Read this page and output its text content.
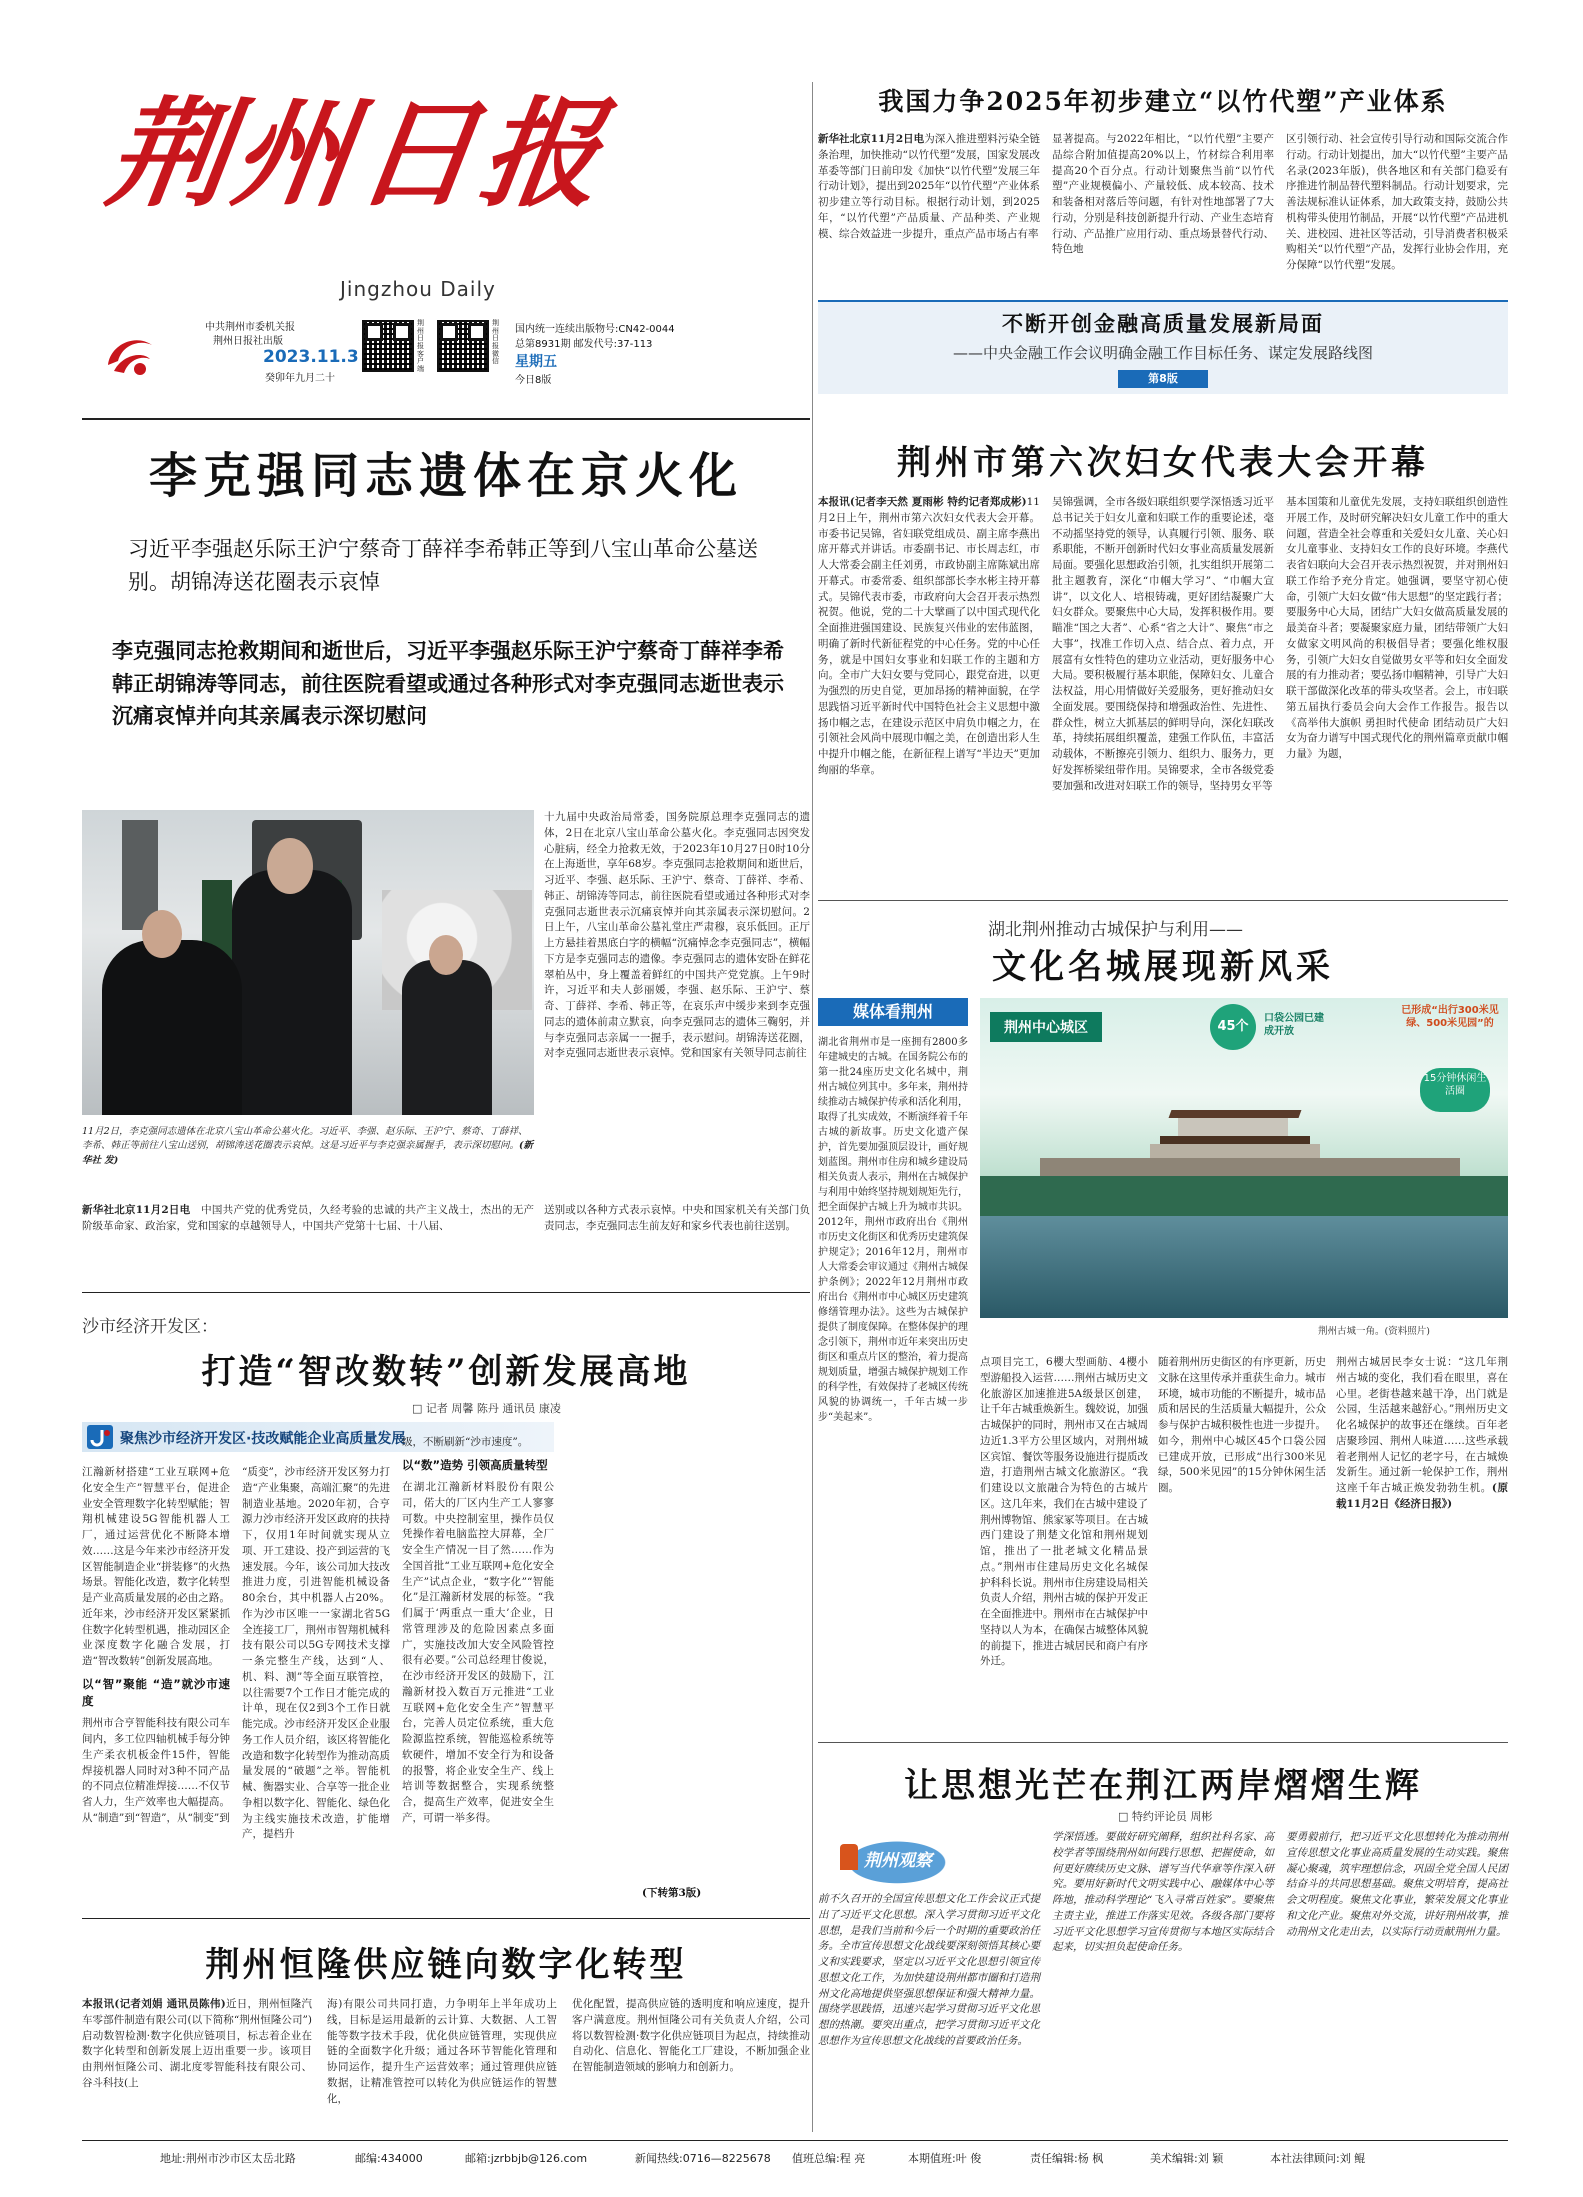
荆州日报
Jingzhou Daily
中共荆州市委机关报
荆州日报社出版
2023.11.3
癸卯年九月二十
荆州日报客户端
荆州日报微信
国内统一连续出版物号:CN42-0044
总第8931期 邮发代号:37-113
星期五
今日8版
我国力争2025年初步建立“以竹代塑”产业体系
新华社北京11月2日电为深入推进塑料污染全链条治理，加快推动“以竹代塑”发展，国家发展改革委等部门日前印发《加快“以竹代塑”发展三年行动计划》，提出到2025年“以竹代塑”产业体系初步建立等行动目标。根据行动计划，到2025年，“以竹代塑”产品质量、产品种类、产业规模、综合效益进一步提升，重点产品市场占有率
显著提高。与2022年相比，“以竹代塑”主要产品综合附加值提高20%以上，竹材综合利用率提高20个百分点。行动计划聚焦当前“以竹代塑”产业规模偏小、产量较低、成本较高、技术和装备相对落后等问题，有针对性地部署了7大行动，分别是科技创新提升行动、产业生态培育行动、产品推广应用行动、重点场景替代行动、特色地
区引领行动、社会宣传引导行动和国际交流合作行动。行动计划提出，加大“以竹代塑”主要产品名录(2023年版)，供各地区和有关部门稳妥有序推进竹制品替代塑料制品。行动计划要求，完善法规标准认证体系，加大政策支持，鼓励公共机构带头使用竹制品，开展“以竹代塑”产品进机关、进校园、进社区等活动，引导消费者积极采购相关“以竹代塑”产品，发挥行业协会作用，充分保障“以竹代塑”发展。
不断开创金融高质量发展新局面
——中央金融工作会议明确金融工作目标任务、谋定发展路线图
第8版
李克强同志遗体在京火化
习近平李强赵乐际王沪宁蔡奇丁薛祥李希韩正等到八宝山革命公墓送别。胡锦涛送花圈表示哀悼
李克强同志抢救期间和逝世后，习近平李强赵乐际王沪宁蔡奇丁薛祥李希韩正胡锦涛等同志，前往医院看望或通过各种形式对李克强同志逝世表示沉痛哀悼并向其亲属表示深切慰问
11月2日，李克强同志遗体在北京八宝山革命公墓火化。习近平、李强、赵乐际、王沪宁、蔡奇、丁薛祥、李希、韩正等前往八宝山送别，胡锦涛送花圈表示哀悼。这是习近平与李克强亲属握手，表示深切慰问。(新华社 发)
十九届中央政治局常委，国务院原总理李克强同志的遗体，2日在北京八宝山革命公墓火化。李克强同志因突发心脏病，经全力抢救无效，于2023年10月27日0时10分在上海逝世，享年68岁。李克强同志抢救期间和逝世后，习近平、李强、赵乐际、王沪宁、蔡奇、丁薛祥、李希、韩正、胡锦涛等同志，前往医院看望或通过各种形式对李克强同志逝世表示沉痛哀悼并向其亲属表示深切慰问。2日上午，八宝山革命公墓礼堂庄严肃穆，哀乐低回。正厅上方悬挂着黑底白字的横幅“沉痛悼念李克强同志”，横幅下方是李克强同志的遗像。李克强同志的遗体安卧在鲜花翠柏丛中，身上覆盖着鲜红的中国共产党党旗。上午9时许，习近平和夫人彭丽媛，李强、赵乐际、王沪宁、蔡奇、丁薛祥、李希、韩正等，在哀乐声中缓步来到李克强同志的遗体前肃立默哀，向李克强同志的遗体三鞠躬，并与李克强同志亲属一一握手，表示慰问。胡锦涛送花圈，对李克强同志逝世表示哀悼。党和国家有关领导同志前往
新华社北京11月2日电　 中国共产党的优秀党员，久经考验的忠诚的共产主义战士，杰出的无产阶级革命家、政治家，党和国家的卓越领导人，中国共产党第十七届、十八届、
送别或以各种方式表示哀悼。中央和国家机关有关部门负责同志，李克强同志生前友好和家乡代表也前往送别。
荆州市第六次妇女代表大会开幕
本报讯(记者李天然 夏雨彬 特约记者郑成彬)11月2日上午，荆州市第六次妇女代表大会开幕。市委书记吴锦，省妇联党组成员、副主席李燕出席开幕式并讲话。市委副书记、市长周志红，市人大常委会副主任刘勇，市政协副主席陈斌出席开幕式。市委常委、组织部部长李水彬主持开幕式。吴锦代表市委，市政府向大会召开表示热烈祝贺。他说，党的二十大擘画了以中国式现代化全面推进强国建设、民族复兴伟业的宏伟蓝图，明确了新时代新征程党的中心任务。党的中心任务，就是中国妇女事业和妇联工作的主题和方向。全市广大妇女要与党同心，跟党奋进，以更为强烈的历史自觉，更加昂扬的精神面貌，在学思践悟习近平新时代中国特色社会主义思想中激扬巾帼之志，在建设示范区中肩负巾帼之力，在引领社会风尚中展现巾帼之美，在创造出彩人生中提升巾帼之能，在新征程上谱写“半边天”更加绚丽的华章。
吴锦强调，全市各级妇联组织要学深悟透习近平总书记关于妇女儿童和妇联工作的重要论述，毫不动摇坚持党的领导，认真履行引领、服务、联系职能，不断开创新时代妇女事业高质量发展新局面。要强化思想政治引领，扎实组织开展第二批主题教育，深化“巾帼大学习”、“巾帼大宣讲”，以文化人、培根铸魂，更好团结凝聚广大妇女群众。要聚焦中心大局，发挥积极作用。要瞄准“国之大者”、心系“省之大计”、聚焦“市之大事”，找准工作切入点、结合点、着力点，开展富有女性特色的建功立业活动，更好服务中心大局。要积极履行基本职能，保障妇女、儿童合法权益，用心用情做好关爱服务，更好推动妇女全面发展。要围绕保持和增强政治性、先进性、群众性，树立大抓基层的鲜明导向，深化妇联改革，持续拓展组织覆盖，建强工作队伍，丰富活动载体，不断擦亮引领力、组织力、服务力，更好发挥桥梁纽带作用。吴锦要求，全市各级党委要加强和改进对妇联工作的领导，坚持男女平等
基本国策和儿童优先发展，支持妇联组织创造性开展工作，及时研究解决妇女儿童工作中的重大问题，营造全社会尊重和关爱妇女儿童、关心妇女儿童事业、支持妇女工作的良好环境。李燕代表省妇联向大会召开表示热烈祝贺，并对荆州妇联工作给予充分肯定。她强调，要坚守初心使命，引领广大妇女做“伟大思想”的坚定践行者；要服务中心大局，团结广大妇女做高质量发展的最美奋斗者；要凝聚家庭力量，团结带领广大妇女做家文明风尚的积极倡导者；要强化维权服务，引领广大妇女自觉做男女平等和妇女全面发展的有力推动者；要弘扬巾帼精神，引导广大妇联干部做深化改革的带头攻坚者。会上，市妇联第五届执行委员会向大会作工作报告。报告以《高举伟大旗帜 勇担时代使命 团结动员广大妇女为奋力谱写中国式现代化的荆州篇章贡献巾帼力量》为题，
湖北荆州推动古城保护与利用——
文化名城展现新风采
媒体看荆州
湖北省荆州市是一座拥有2800多年建城史的古城。在国务院公布的第一批24座历史文化名城中，荆州古城位列其中。多年来，荆州持续推动古城保护传承和活化利用，取得了扎实成效，不断演绎着千年古城的新故事。历史文化遗产保护，首先要加强顶层设计，画好规划蓝图。荆州市住房和城乡建设局相关负责人表示，荆州在古城保护与利用中始终坚持规划规矩先行，把全面保护古城上升为城市共识。2012年，荆州市政府出台《荆州市历史文化街区和优秀历史建筑保护规定》；2016年12月，荆州市人大常委会审议通过《荆州古城保护条例》；2022年12月荆州市政府出台《荆州市中心城区历史建筑修缮管理办法》。这些为古城保护提供了制度保障。在整体保护的理念引领下，荆州市近年来突出历史街区和重点片区的整治，着力提高规划质量，增强古城保护规划工作的科学性，有效保持了老城区传统风貌的协调统一，千年古城一步步“美起来”。
荆州中心城区	45个
口袋公园已建成开放
已形成“出行300米见绿、500米见园”的
15分钟休闲生活圈
荆州古城一角。(资料照片)
点项目完工，6櫻大型画舫、4櫻小型游船投入运营……荆州古城历史文化旅游区加速推进5A级景区创建，让千年古城重焕新生。魏姣说，加强古城保护的同时，荆州市又在古城周边近1.3平方公里区域内，对荆州城区宾馆、餐饮等服务设施进行提质改造，打造荆州古城文化旅游区。“我们建设以文旅融合为特色的古城片区。这几年来，我们在古城中建设了荆州博物馆、熊家冢等项目。在古城西门建设了荆楚文化馆和荆州规划馆，推出了一批老城文化精品景点。”荆州市住建局历史文化名城保护科科长说。荆州市住房建设局相关负责人介绍，荆州古城的保护开发正在全面推进中。荆州市在古城保护中坚持以人为本，在确保古城整体风貌的前提下，推进古城居民和商户有序外迁。
随着荆州历史街区的有序更新，历史文脉在这里传承并重获生命力。城市环境，城市功能的不断提升，城市品质和居民的生活质量大幅提升，公众参与保护古城积极性也进一步提升。如今，荆州中心城区45个口袋公园已建成开放，已形成“出行300米见绿，500米见园”的15分钟休闲生活圈。
荆州古城居民李女士说：“这几年荆州古城的变化，我们看在眼里，喜在心里。老街巷越来越干净，出门就是公园，生活越来越舒心。”荆州历史文化名城保护的故事还在继续。百年老店聚珍园、荆州人味道……这些承载着老荆州人记忆的老字号，在古城焕发新生。通过新一轮保护工作，荆州这座千年古城正焕发勃勃生机。(原载11月2日《经济日报》)
沙市经济开发区：
打造“智改数转”创新发展高地
□ 记者 周馨 陈丹 通讯员 康凌
聚焦沙市经济开发区·技改赋能企业高质量发展
江瀚新材搭建“工业互联网+危化安全生产”智慧平台，促进企业安全管理数字化转型赋能；智翔机械建设5G智能机器人工厂，通过运营优化不断降本增效……这是今年来沙市经济开发区智能制造企业“拼装修”的火热场景。智能化改造，数字化转型是产业高质量发展的必由之路。近年来，沙市经济开发区紧紧抓住数字化转型机遇，推动园区企业深度数字化融合发展，打造“智改数转”创新发展高地。
以“智”聚能 “造”就沙市速度
荆州市合亨智能科技有限公司车间内，多工位四轴机械手每分钟生产柔衣机板金件15件，智能焊接机器人同时对3种不同产品的不同点位精准焊接……不仅节省人力，生产效率也大幅提高。从“制造”到“智造”，从“制变”到
“质变”，沙市经济开发区努力打造“产业集聚，高端汇聚”的先进制造业基地。2020年初，合亨源力沙市经济开发区政府的扶持下，仅用1年时间就实现从立项、开工建设、投产到运营的飞速发展。今年，该公司加大技改推进力度，引进智能机械设备80余台，其中机器人占20%。作为沙市区唯一一家湖北省5G全连接工厂，荆州市智翔机械科技有限公司以5G专网技术支撑一条完整生产线，达到“人、机、料、测”等全面互联管控，以往需要7个工作日才能完成的计单，现在仅2到3个工作日就能完成。沙市经济开发区企业服务工作人员介绍，该区将智能化改造和数字化转型作为推动高质量发展的“破题”之举。智能机械、衡器实业、合享等一批企业争相以数字化、智能化、绿色化为主线实施技术改造，扩能增产，提档升
级，不断刷新“沙市速度”。
以“数”造势 引领高质量转型
在湖北江瀚新材料股份有限公司，偌大的厂区内生产工人寥寥可数。中央控制室里，操作员仅凭操作着电脑监控大屏幕，全厂安全生产情况一目了然……作为全国首批“工业互联网+危化安全生产”试点企业，“数字化”“智能化”是江瀚新材发展的标签。“我们属于‘两重点一重大’企业，日常管理涉及的危险因素点多面广，实施技改加大安全风险管控很有必要。”公司总经理甘俊说，在沙市经济开发区的鼓励下，江瀚新材投入数百万元推进“工业互联网+危化安全生产”智慧平台，完善人员定位系统，重大危险源监控系统，智能巡检系统等软硬件，增加不安全行为和设备的报警，将企业安全生产、线上培训等数据整合，实现系统整合，提高生产效率，促进安全生产，可谓一举多得。
(下转第3版)
荆州恒隆供应链向数字化转型
本报讯(记者刘娟 通讯员陈伟)近日，荆州恒隆汽车零部件制造有限公司(以下简称“荆州恒隆公司”)启动数智检测·数字化供应链项目，标志着企业在数字化转型和创新发展上迈出重要一步。该项目由荆州恒隆公司、湖北度零智能科技有限公司、谷斗科技(上
海)有限公司共同打造，力争明年上半年成功上线，目标是运用最新的云计算、大数据、人工智能等数字技术手段，优化供应链管理，实现供应链的全面数字化升级；通过各环节智能化管理和协同运作，提升生产运营效率；通过管理供应链数据，让精准管控可以转化为供应链运作的智慧化，
优化配置，提高供应链的透明度和响应速度，提升客户满意度。荆州恒隆公司有关负责人介绍，公司将以数智检测·数字化供应链项目为起点，持续推动自动化、信息化、智能化工厂建设，不断加强企业在智能制造领域的影响力和创新力。
让思想光芒在荆江两岸熠熠生辉
□ 特约评论员 周彬
荆州观察
前不久召开的全国宣传思想文化工作会议正式提出了习近平文化思想。深入学习贯彻习近平文化思想，是我们当前和今后一个时期的重要政治任务。全市宣传思想文化战线要深刻领悟其核心要义和实践要求，坚定以习近平文化思想引领宣传思想文化工作，为加快建设荆州都市圈和打造荆州文化高地提供坚强思想保证和强大精神力量。围绕学思践悟，迅速兴起学习贯彻习近平文化思想的热潮。要突出重点，把学习贯彻习近平文化思想作为宣传思想文化战线的首要政治任务。
学深悟透。要做好研究阐释，组织社科名家、高校学者等围绕荆州如何践行思想、把握使命，如何更好赓续历史文脉、谱写当代华章等作深入研究。要用好新时代文明实践中心、融媒体中心等阵地，推动科学理论“飞入寻常百姓家”。要聚焦主责主业，推进工作落实见效。各级各部门要将习近平文化思想学习宣传贯彻与本地区实际结合起来，切实担负起使命任务。
要勇毅前行，把习近平文化思想转化为推动荆州宣传思想文化事业高质量发展的生动实践。聚焦凝心聚魂，筑牢理想信念，巩固全党全国人民团结奋斗的共同思想基础。聚焦文明培育，提高社会文明程度。聚焦文化事业，繁荣发展文化事业和文化产业。聚焦对外交流，讲好荆州故事，推动荆州文化走出去，以实际行动贡献荆州力量。
地址:荆州市沙市区太岳北路	邮编:434000	邮箱:jzrbbjb@126.com	新闻热线:0716—8225678 值班总编:程 亮	本期值班:叶 俊	责任编辑:杨 枫	美术编辑:刘 颖	本社法律顾问:刘 鲲
